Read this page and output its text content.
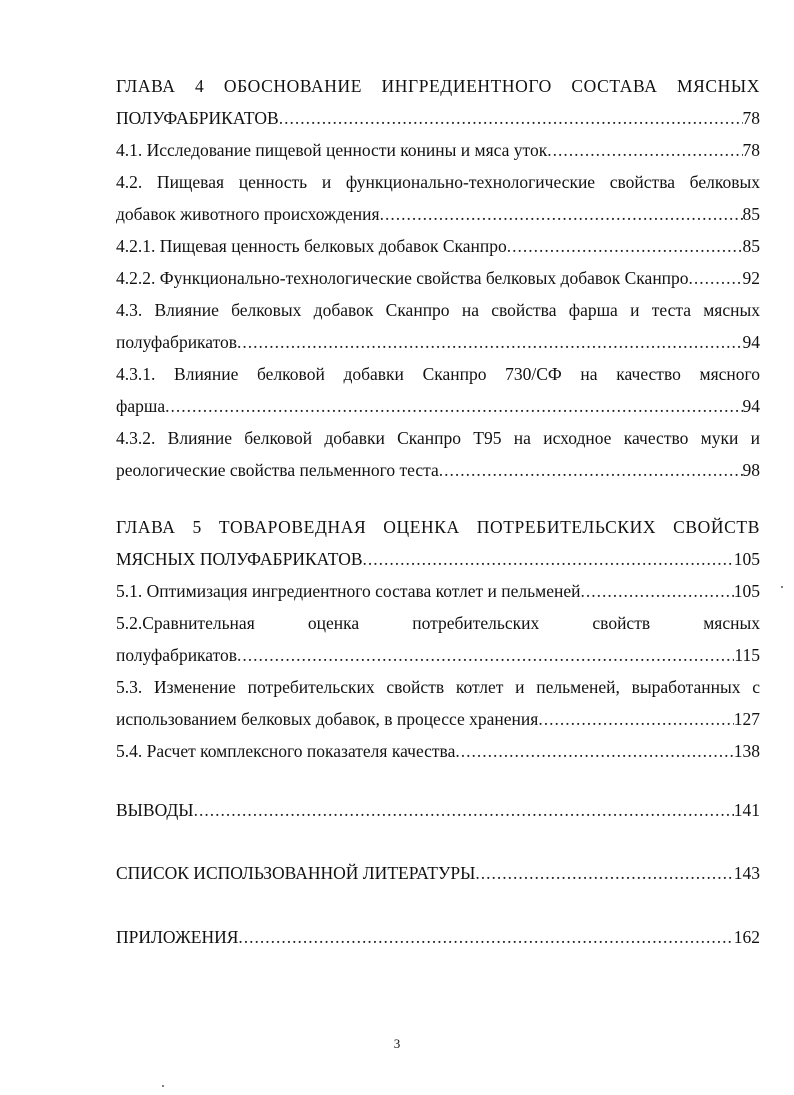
ГЛАВА 4 ОБОСНОВАНИЕ ИНГРЕДИЕНТНОГО СОСТАВА МЯСНЫХ
ПОЛУФАБРИКАТОВ .....	78
4.1. Исследование пищевой ценности конины и мяса уток .....	78
4.2. Пищевая ценность и функционально-технологические свойства белковых
добавок животного происхождения .....	85
4.2.1. Пищевая ценность белковых добавок Сканпро .....	85
4.2.2. Функционально-технологические свойства белковых добавок Сканпро .....	92
4.3. Влияние белковых добавок Сканпро на свойства фарша и теста мясных
полуфабрикатов .....	94
4.3.1. Влияние белковой добавки Сканпро 730/СФ на качество мясного
фарша .....	94
4.3.2. Влияние белковой добавки Сканпро Т95 на исходное качество муки и
реологические свойства пельменного теста .....	98
ГЛАВА 5 ТОВАРОВЕДНАЯ ОЦЕНКА ПОТРЕБИТЕЛЬСКИХ СВОЙСТВ
МЯСНЫХ ПОЛУФАБРИКАТОВ .....	105
5.1. Оптимизация ингредиентного состава котлет и пельменей .....	105
5.2.Сравнительная оценка потребительских свойств мясных
полуфабрикатов .....	115
5.3. Изменение потребительских свойств котлет и пельменей, выработанных с
использованием белковых добавок, в процессе хранения .....	127
5.4. Расчет комплексного показателя качества .....	138
ВЫВОДЫ .....	141
СПИСОК ИСПОЛЬЗОВАННОЙ ЛИТЕРАТУРЫ .....	143
ПРИЛОЖЕНИЯ .....	162
3
